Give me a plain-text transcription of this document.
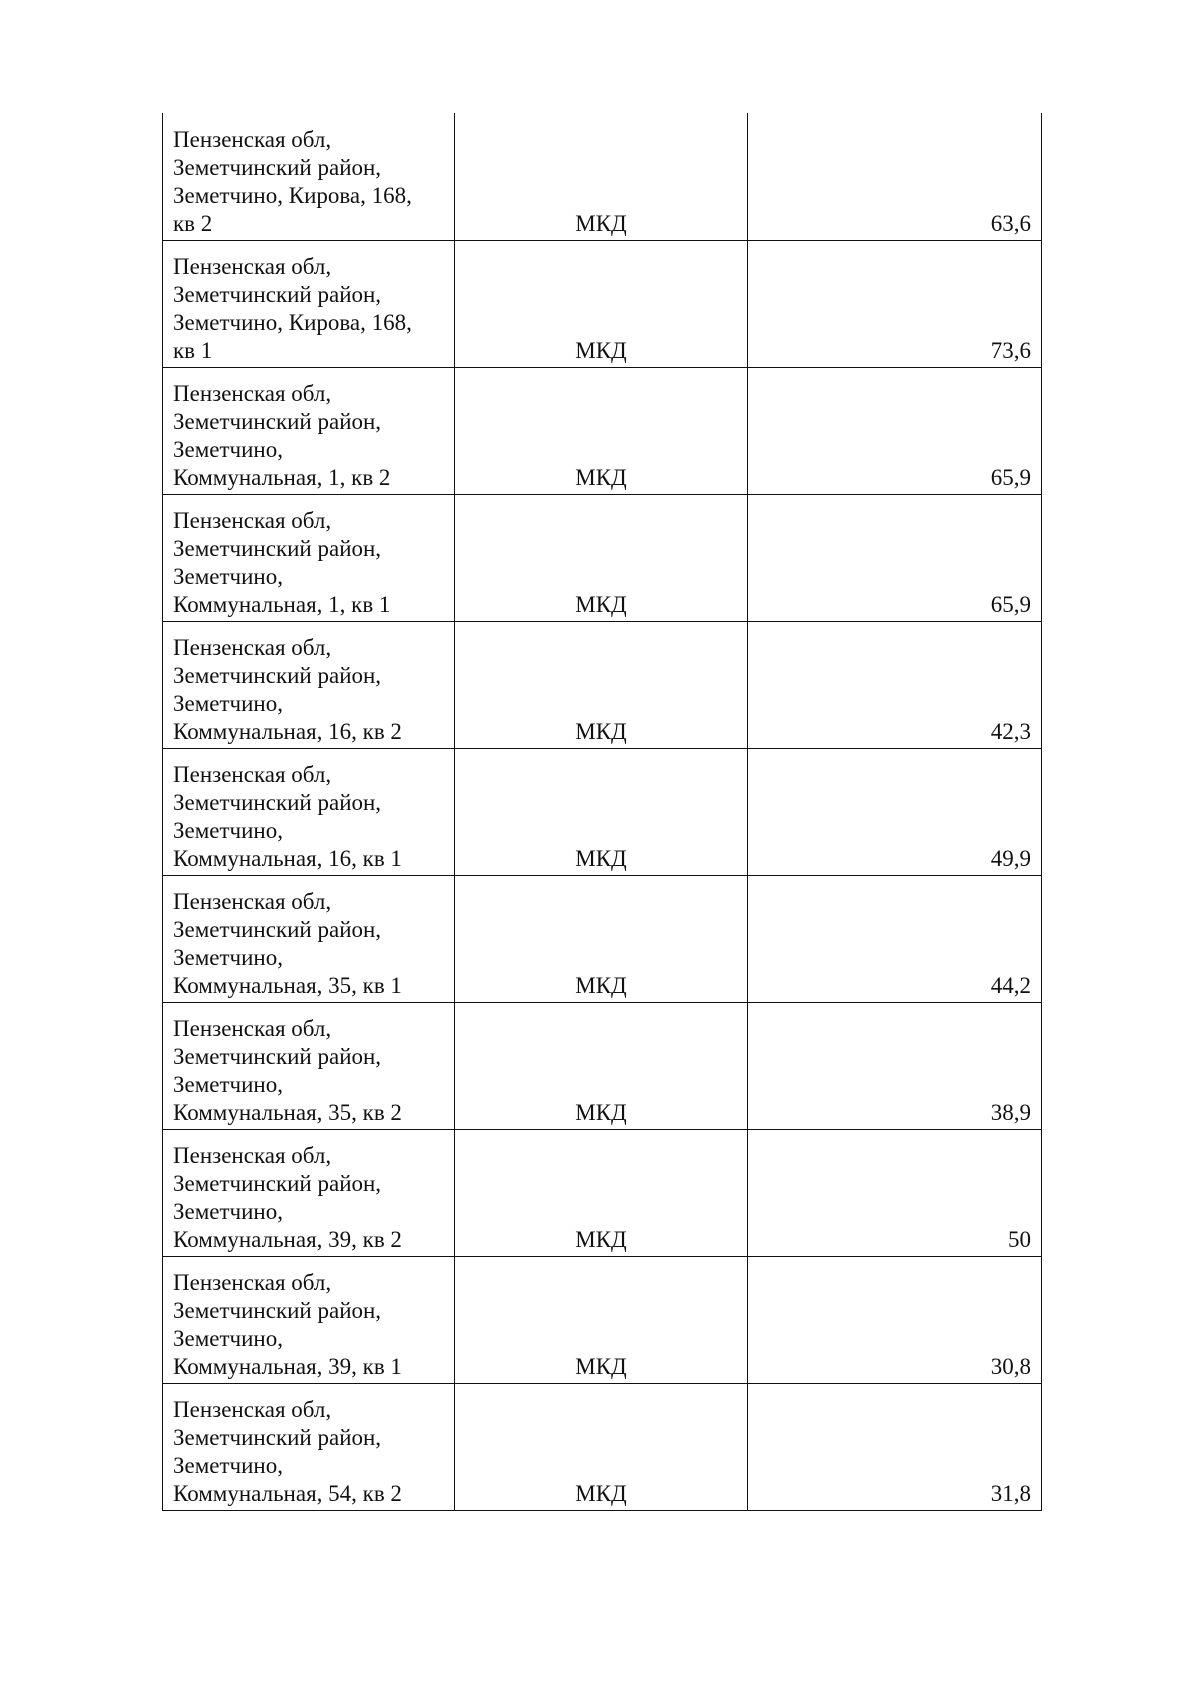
Пензенская обл,
Земетчинский район,
Земетчино, Кирова, 168,
кв 2	МКД	63,6

Пензенская обл,
Земетчинский район,
Земетчино, Кирова, 168,
кв 1	МКД	73,6

Пензенская обл,
Земетчинский район,
Земетчино,
Коммунальная, 1, кв 2	МКД	65,9

Пензенская обл,
Земетчинский район,
Земетчино,
Коммунальная, 1, кв 1	МКД	65,9

Пензенская обл,
Земетчинский район,
Земетчино,
Коммунальная, 16, кв 2	МКД	42,3

Пензенская обл,
Земетчинский район,
Земетчино,
Коммунальная, 16, кв 1	МКД	49,9

Пензенская обл,
Земетчинский район,
Земетчино,
Коммунальная, 35, кв 1	МКД	44,2

Пензенская обл,
Земетчинский район,
Земетчино,
Коммунальная, 35, кв 2	МКД	38,9

Пензенская обл,
Земетчинский район,
Земетчино,
Коммунальная, 39, кв 2	МКД	50

Пензенская обл,
Земетчинский район,
Земетчино,
Коммунальная, 39, кв 1	МКД	30,8

Пензенская обл,
Земетчинский район,
Земетчино,
Коммунальная, 54, кв 2	МКД	31,8
